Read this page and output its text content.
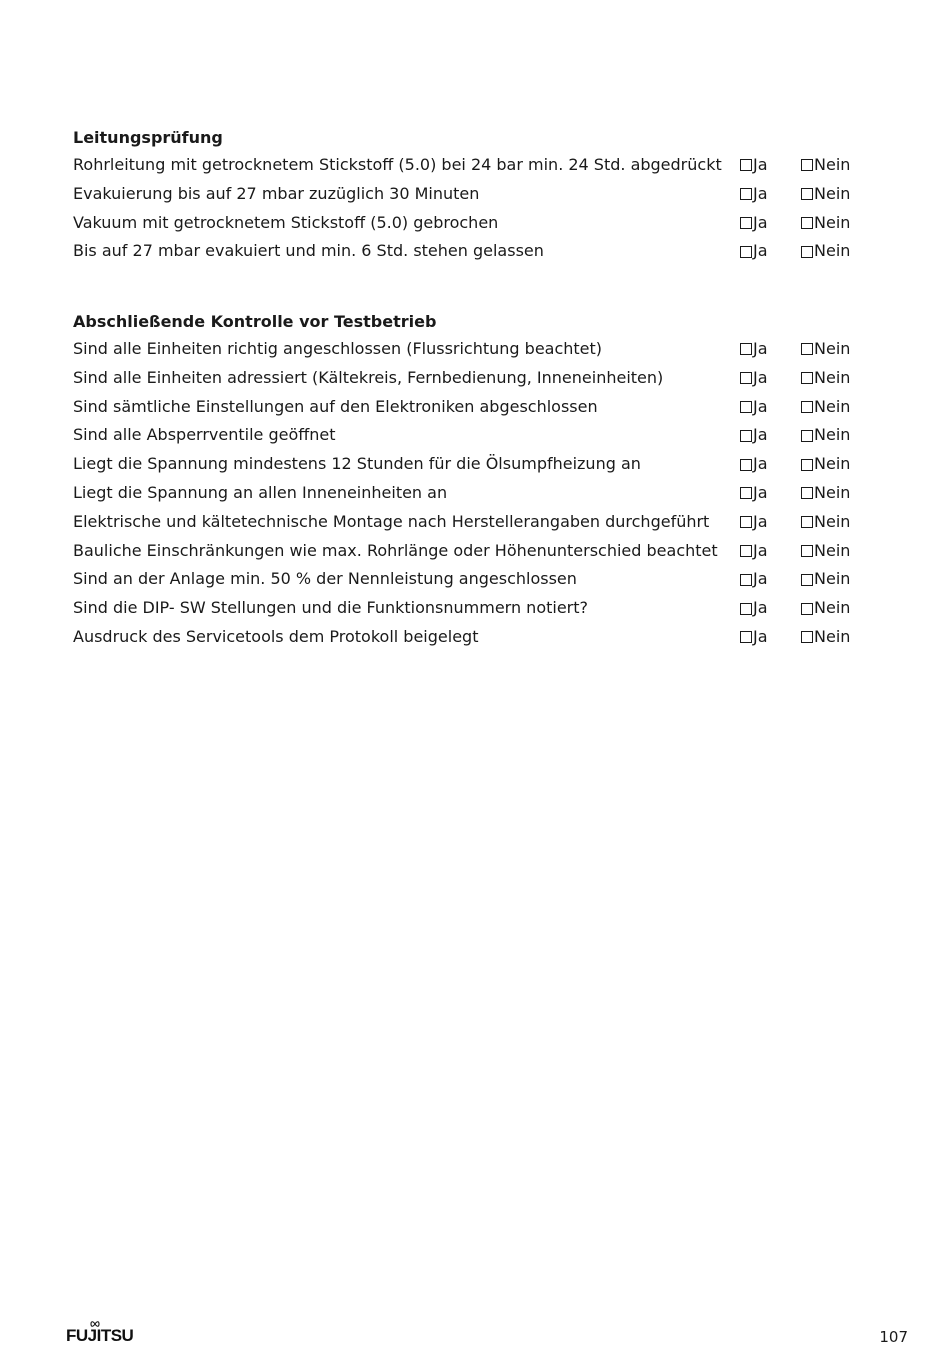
Leitungsprüfung
Rohrleitung mit getrocknetem Stickstoff (5.0) bei 24 bar min. 24 Std. abgedrückt Ja	Nein
Evakuierung bis auf 27 mbar zuzüglich 30 Minuten	Ja	Nein
Vakuum mit getrocknetem Stickstoff (5.0) gebrochen	Ja	Nein
Bis auf 27 mbar evakuiert und min. 6 Std. stehen gelassen	Ja	Nein
Abschließende Kontrolle vor Testbetrieb
Sind alle Einheiten richtig angeschlossen (Flussrichtung beachtet)	Ja	Nein
Sind alle Einheiten adressiert (Kältekreis, Fernbedienung, Inneneinheiten)	Ja	Nein
Sind sämtliche Einstellungen auf den Elektroniken abgeschlossen	Ja	Nein
Sind alle Absperrventile geöffnet	Ja	Nein
Liegt die Spannung mindestens 12 Stunden für die Ölsumpfheizung an	Ja	Nein
Liegt die Spannung an allen Inneneinheiten an	Ja	Nein
Elektrische und kältetechnische Montage nach Herstellerangaben durchgeführt	Ja	Nein
Bauliche Einschränkungen wie max. Rohrlänge oder Höhenunterschied beachtet Ja	Nein
Sind an der Anlage min. 50 % der Nennleistung angeschlossen	Ja	Nein
Sind die DIP- SW Stellungen und die Funktionsnummern notiert?	Ja	Nein
Ausdruck des Servicetools dem Protokoll beigelegt	Ja	Nein
FUJITSU	107
